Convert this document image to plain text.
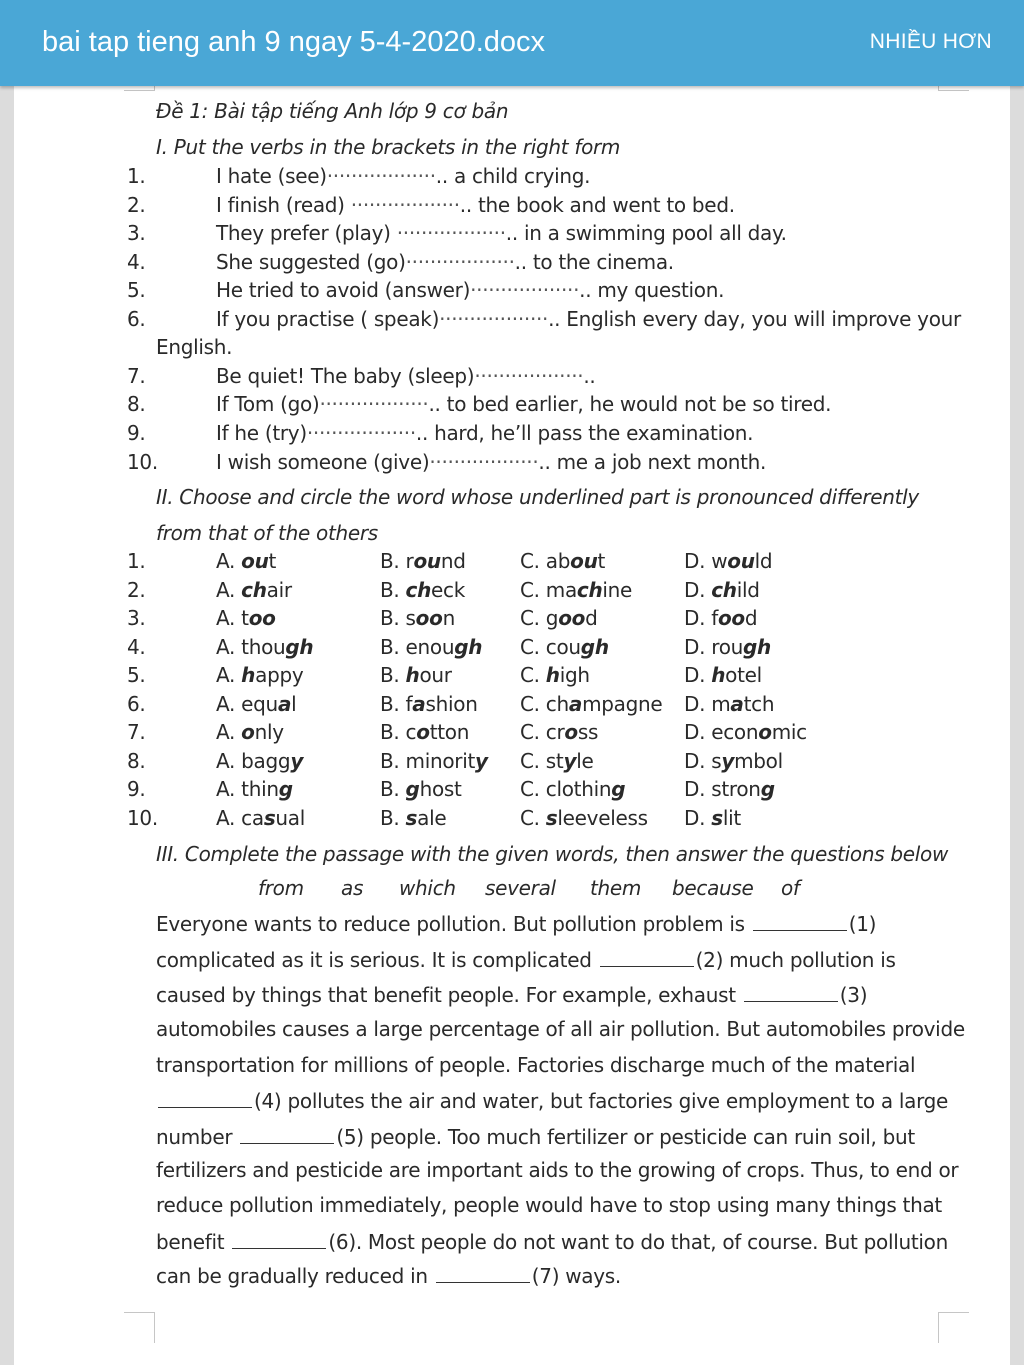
bai tap tieng anh 9 ngay 5-4-2020.docx	NHIỀU HƠN
Đề 1: Bài tập tiếng Anh lớp 9 cơ bản
I. Put the verbs in the brackets in the right form
English.
II. Choose and circle the word whose underlined part is pronounced differently
from that of the others
III. Complete the passage with the given words, then answer the questions below
1.	I hate (see)··················.. a child crying.
2.	I finish (read) ··················.. the book and went to bed.
3.	They prefer (play) ··················.. in a swimming pool all day.
4.	She suggested (go)··················.. to the cinema.
5.	He tried to avoid (answer)··················.. my question.
6.	If you practise ( speak)··················.. English every day, you will improve your
7.	Be quiet! The baby (sleep)··················..
8.	If Tom (go)··················.. to bed earlier, he would not be so tired.
9.	If he (try)··················.. hard, he’ll pass the examination.
10.	I wish someone (give)··················.. me a job next month.
1.	A. out	B. round	C. about	D. would
2.	A. chair	B. check	C. machine	D. child
3.	A. too	B. soon	C. good	D. food
4.	A. though	B. enough C. cough	D. rough
5.	A. happy	B. hour	C. high	D. hotel
6.	A. equal	B. fashion C. champagne D. match
7.	A. only	B. cotton	C. cross	D. economic
8.	A. baggy	B. minority C. style	D. symbol
9.	A. thing	B. ghost	C. clothing	D. strong
10.	A. casual	B. sale	C. sleeveless D. slit
from as which several them because of
Everyone wants to reduce pollution. But pollution problem is	(1)
complicated as it is serious. It is complicated	(2) much pollution is
caused by things that benefit people. For example, exhaust	(3)
automobiles causes a large percentage of all air pollution. But automobiles provide
transportation for millions of people. Factories discharge much of the material
(4) pollutes the air and water, but factories give employment to a large
number	(5) people. Too much fertilizer or pesticide can ruin soil, but
fertilizers and pesticide are important aids to the growing of crops. Thus, to end or
reduce pollution immediately, people would have to stop using many things that
benefit	(6). Most people do not want to do that, of course. But pollution
can be gradually reduced in	(7) ways.
